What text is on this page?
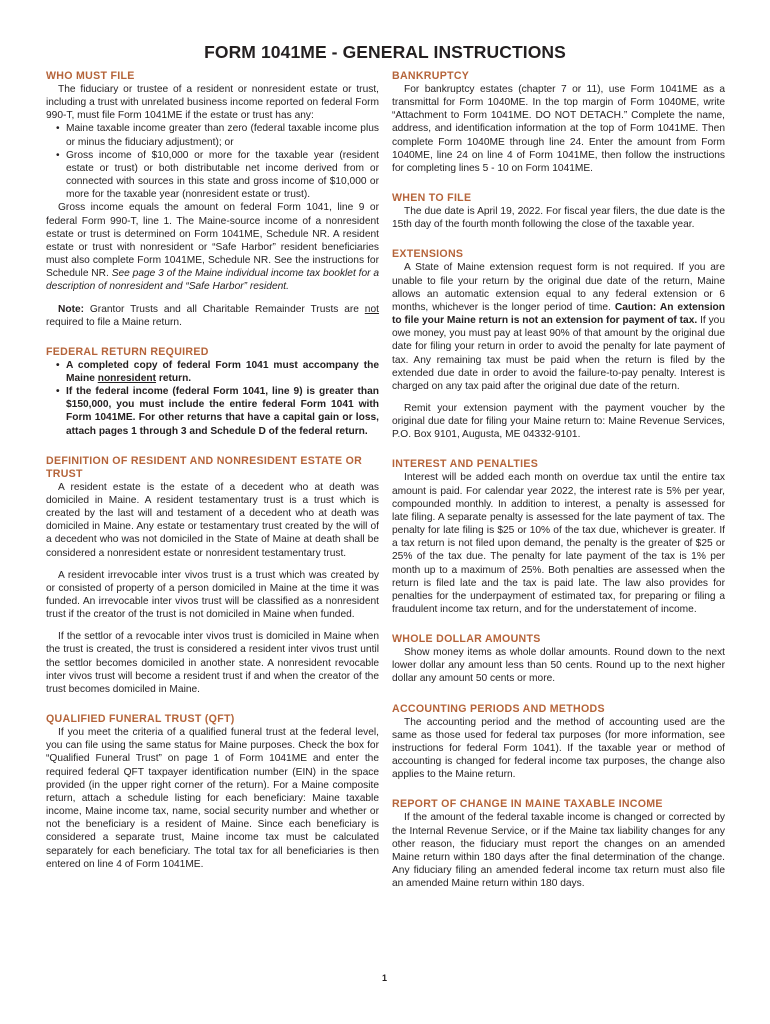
FORM 1041ME - GENERAL INSTRUCTIONS
WHO MUST FILE

The fiduciary or trustee of a resident or nonresident estate or trust, including a trust with unrelated business income reported on federal Form 990-T, must file Form 1041ME if the estate or trust has any:

• Maine taxable income greater than zero (federal taxable income plus or minus the fiduciary adjustment); or
• Gross income of $10,000 or more for the taxable year (resident estate or trust) or both distributable net income derived from or connected with sources in this state and gross income of $10,000 or more for the taxable year (nonresident estate or trust).

Gross income equals the amount on federal Form 1041, line 9 or federal Form 990-T, line 1. The Maine-source income of a nonresident estate or trust is determined on Form 1041ME, Schedule NR. A resident estate or trust with nonresident or “Safe Harbor” resident beneficiaries must also complete Form 1041ME, Schedule NR. See the instructions for Schedule NR. See page 3 of the Maine individual income tax booklet for a description of nonresident and “Safe Harbor” resident.

Note: Grantor Trusts and all Charitable Remainder Trusts are not required to file a Maine return.

FEDERAL RETURN REQUIRED
• A completed copy of federal Form 1041 must accompany the Maine nonresident return.
• If the federal income (federal Form 1041, line 9) is greater than $150,000, you must include the entire federal Form 1041 with Form 1041ME. For other returns that have a capital gain or loss, attach pages 1 through 3 and Schedule D of the federal return.
DEFINITION OF RESIDENT AND NONRESIDENT ESTATE OR TRUST

A resident estate is the estate of a decedent who at death was domiciled in Maine. A resident testamentary trust is a trust which is created by the last will and testament of a decedent who at death was domiciled in Maine. Any estate or testamentary trust created by the will of a decedent who was not domiciled in the State of Maine at death shall be considered a nonresident estate or nonresident testamentary trust.

A resident irrevocable inter vivos trust is a trust which was created by or consisted of property of a person domiciled in Maine at the time it was funded. An irrevocable inter vivos trust will be classified as a nonresident trust if the creator of the trust is not domiciled in Maine when funded.

If the settlor of a revocable inter vivos trust is domiciled in Maine when the trust is created, the trust is considered a resident inter vivos trust until the settlor becomes domiciled in another state. A nonresident revocable inter vivos trust will become a resident trust if and when the creator of the trust becomes domiciled in Maine.

QUALIFIED FUNERAL TRUST (QFT)

If you meet the criteria of a qualified funeral trust at the federal level, you can file using the same status for Maine purposes. Check the box for “Qualified Funeral Trust” on page 1 of Form 1041ME and enter the required federal QFT taxpayer identification number (EIN) in the space provided (in the upper right corner of the return). For a Maine composite return, attach a schedule listing for each beneficiary: Maine taxable income, Maine income tax, name, social security number and whether or not the beneficiary is a resident of Maine. Since each beneficiary is considered a separate trust, Maine income tax must be calculated separately for each beneficiary. The total tax for all beneficiaries is then entered on line 4 of Form 1041ME.

BANKRUPTCY

For bankruptcy estates (chapter 7 or 11), use Form 1041ME as a transmittal for Form 1040ME. In the top margin of Form 1040ME, write “Attachment to Form 1041ME. DO NOT DETACH.” Complete the name, address, and identification information at the top of Form 1041ME. Then complete Form 1040ME through line 24. Enter the amount from Form 1040ME, line 24 on line 4 of Form 1041ME, then follow the instructions for completing lines 5 - 10 on Form 1041ME.

WHEN TO FILE

The due date is April 19, 2022. For fiscal year filers, the due date is the 15th day of the fourth month following the close of the taxable year.

EXTENSIONS

A State of Maine extension request form is not required. If you are unable to file your return by the original due date of the return, Maine allows an automatic extension equal to any federal extension or 6 months, whichever is the longer period of time. Caution: An extension to file your Maine return is not an extension for payment of tax. If you owe money, you must pay at least 90% of that amount by the original due date for filing your return in order to avoid the penalty for late payment of tax. Any remaining tax must be paid when the return is filed by the extended due date in order to avoid the failure-to-pay penalty. Interest is charged on any tax paid after the original due date of the return.

Remit your extension payment with the payment voucher by the original due date for filing your Maine return to: Maine Revenue Services, P.O. Box 9101, Augusta, ME 04332-9101.

INTEREST AND PENALTIES

Interest will be added each month on overdue tax until the entire tax amount is paid. For calendar year 2022, the interest rate is 5% per year, compounded monthly. In addition to interest, a penalty is assessed for late filing. A separate penalty is assessed for the late payment of tax. The penalty for late filing is $25 or 10% of the tax due, whichever is greater. If a tax return is not filed upon demand, the penalty is the greater of $25 or 25% of the tax due. The penalty for late payment of the tax is 1% per month up to a maximum of 25%. Both penalties are assessed when the return is filed late and the tax is paid late. The law also provides for penalties for the underpayment of estimated tax, for preparing or filing a fraudulent income tax return, and for the understatement of income.

WHOLE DOLLAR AMOUNTS

Show money items as whole dollar amounts. Round down to the next lower dollar any amount less than 50 cents. Round up to the next higher dollar any amount 50 cents or more.

ACCOUNTING PERIODS AND METHODS

The accounting period and the method of accounting used are the same as those used for federal tax purposes (for more information, see instructions for federal Form 1041). If the taxable year or method of accounting is changed for federal income tax purposes, the change also applies to the Maine return.

REPORT OF CHANGE IN MAINE TAXABLE INCOME

If the amount of the federal taxable income is changed or corrected by the Internal Revenue Service, or if the Maine tax liability changes for any other reason, the fiduciary must report the changes on an amended Maine return within 180 days after the final determination of the change. Any fiduciary filing an amended federal income tax return must also file an amended Maine return within 180 days.

1
